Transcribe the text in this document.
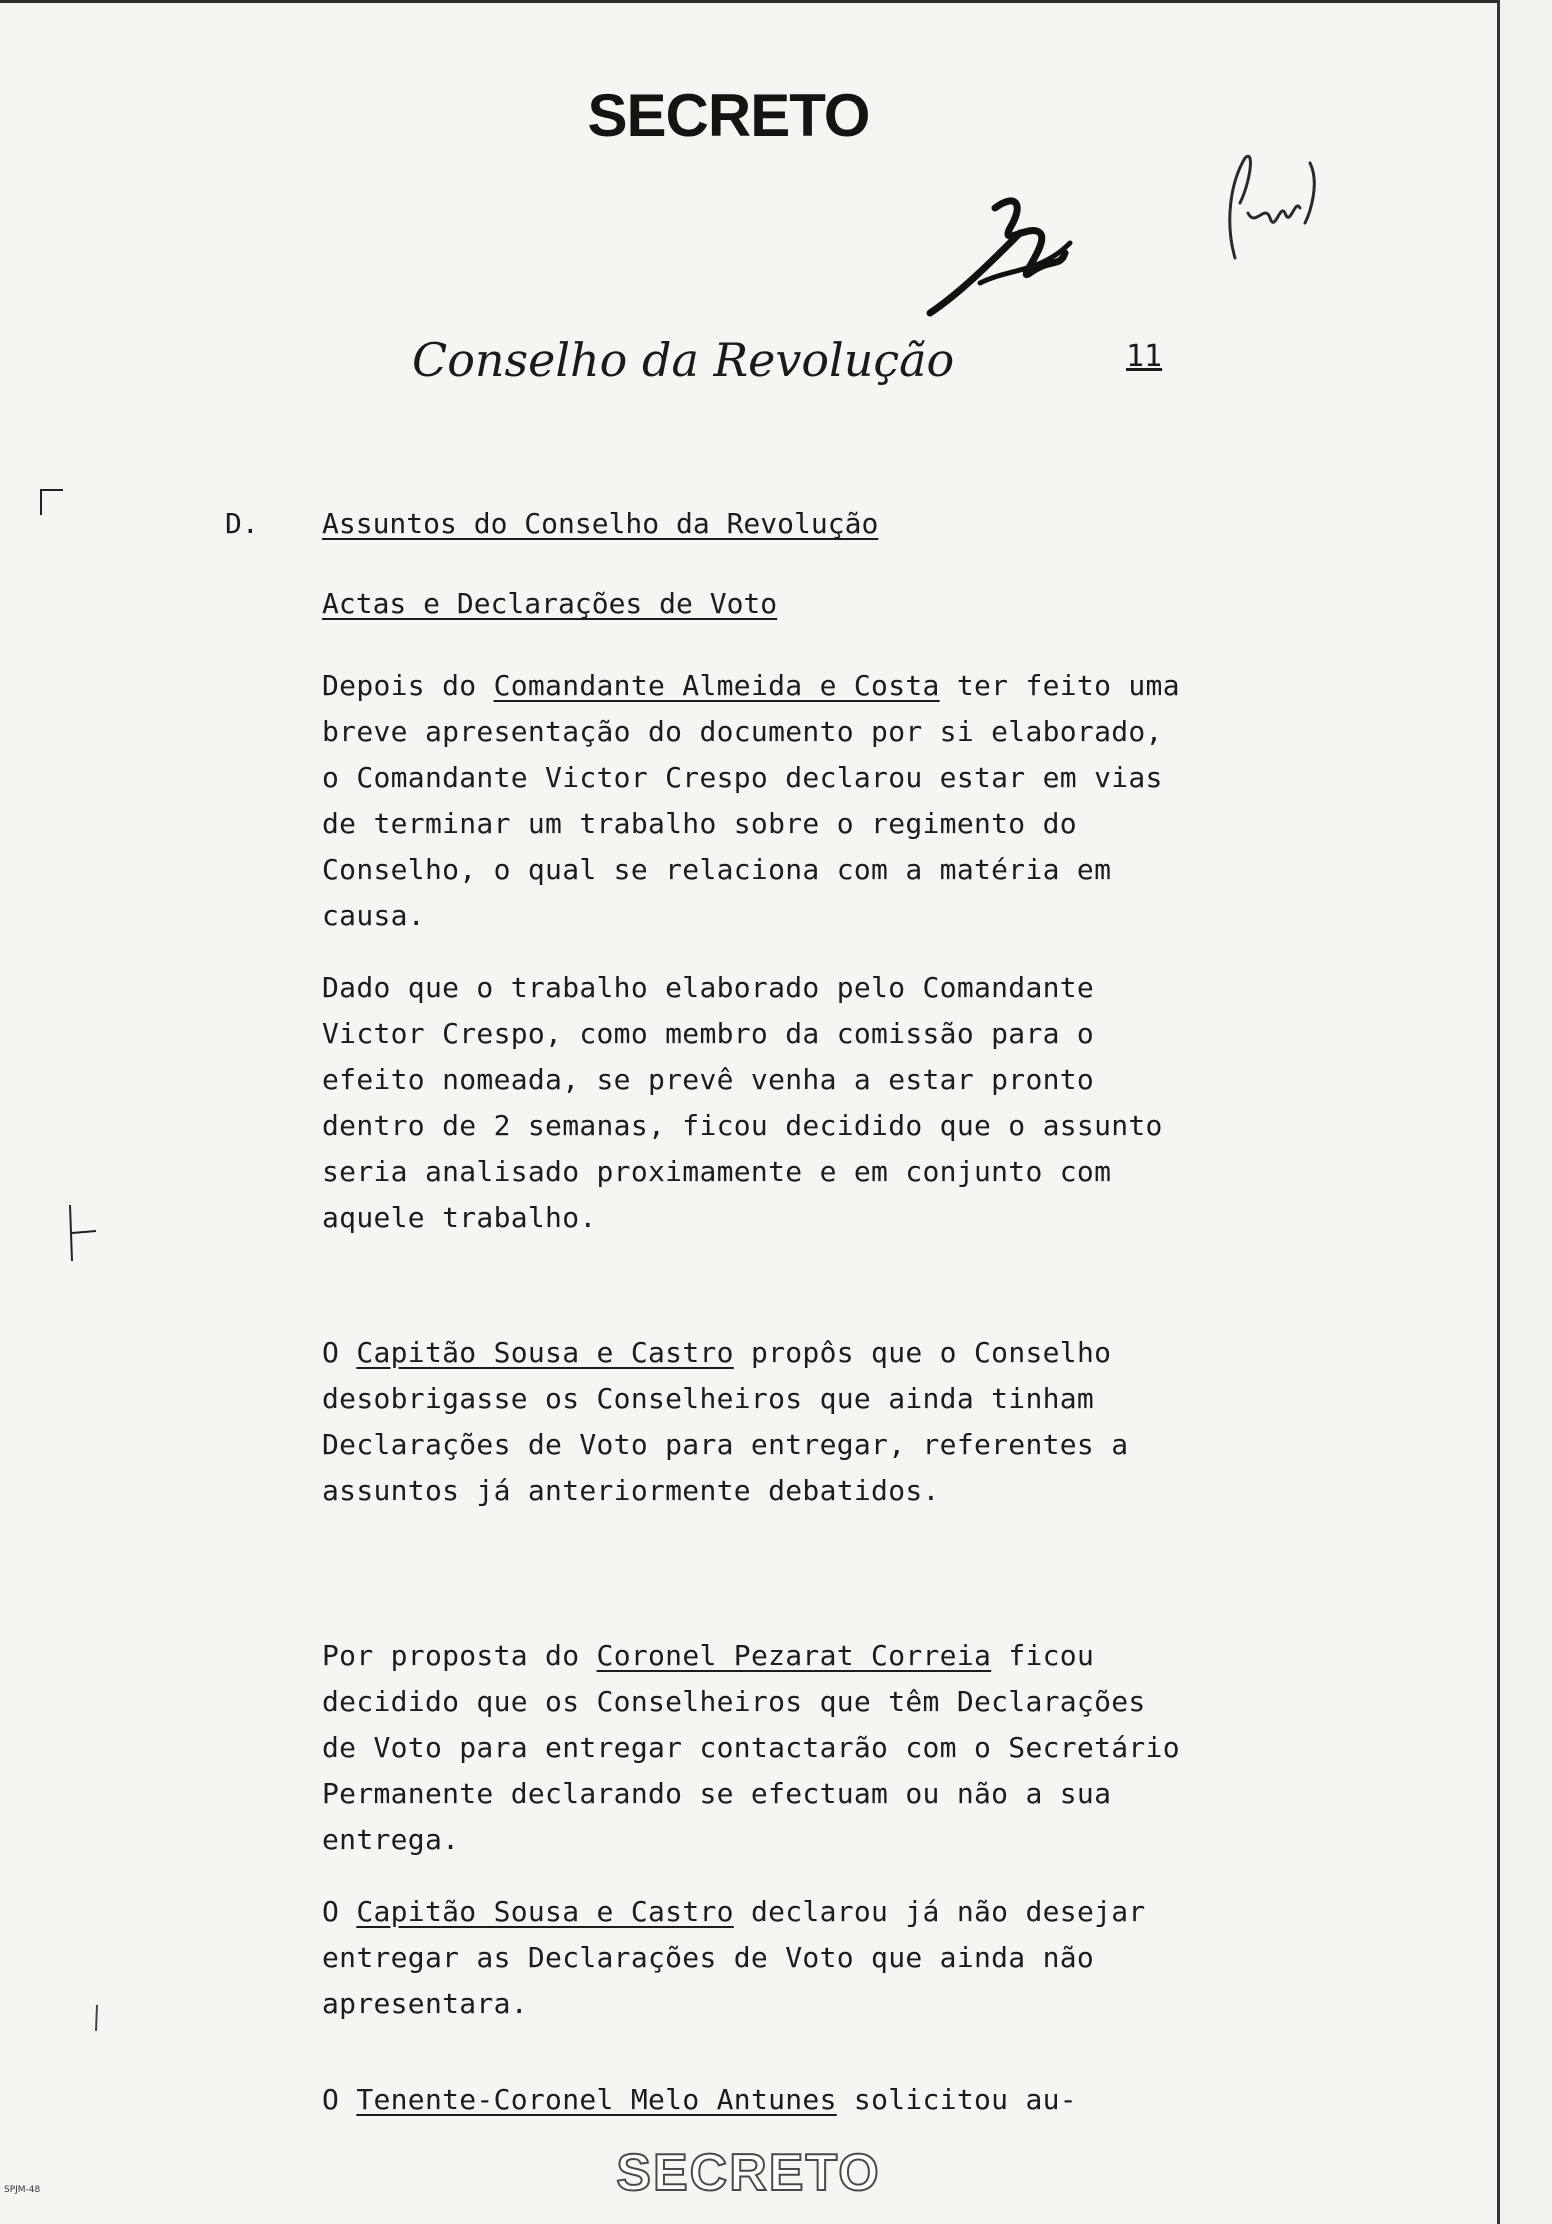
SECRETO
Conselho da Revolução	11
D. Assuntos do Conselho da Revolução
Actas e Declarações de Voto
Depois do Comandante Almeida e Costa ter feito uma breve apresentação do documento por si elaborado, o Comandante Victor Crespo declarou estar em vias de terminar um trabalho sobre o regimento do Conselho, o qual se relaciona com a matéria em causa.
Dado que o trabalho elaborado pelo Comandante Victor Crespo, como membro da comissão para o efeito nomeada, se prevê venha a estar pronto dentro de 2 semanas, ficou decidido que o assunto seria analisado proximamente e em conjunto com aquele trabalho.
O Capitão Sousa e Castro propôs que o Conselho desobrigasse os Conselheiros que ainda tinham Declarações de Voto para entregar, referentes a assuntos já anteriormente debatidos.
Por proposta do Coronel Pezarat Correia ficou decidido que os Conselheiros que têm Declarações de Voto para entregar contactarão com o Secretário Permanente declarando se efectuam ou não a sua entrega.
O Capitão Sousa e Castro declarou já não desejar entregar as Declarações de Voto que ainda não apresentara.
O Tenente-Coronel Melo Antunes solicitou au-
SECRETO
SPJM-48
